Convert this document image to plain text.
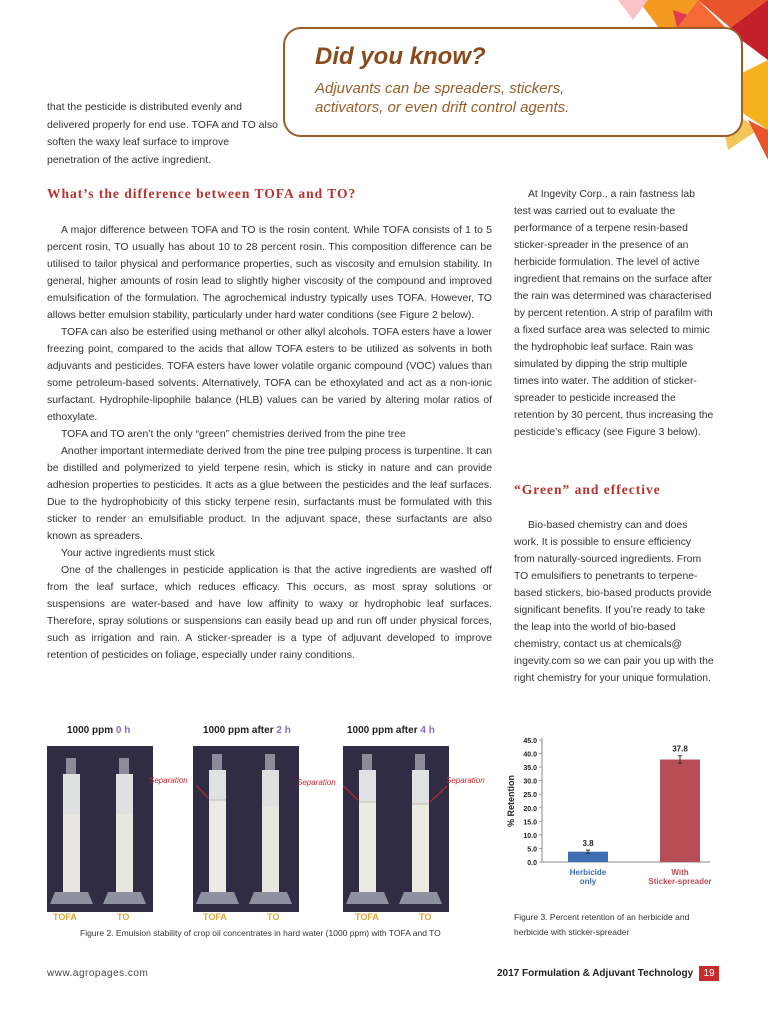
Did you know?
Adjuvants can be spreaders, stickers, activators, or even drift control agents.
that the pesticide is distributed evenly and delivered properly for end use. TOFA and TO also soften the waxy leaf surface to improve penetration of the active ingredient.
What’s the difference between TOFA and TO?

A major difference between TOFA and TO is the rosin content. While TOFA consists of 1 to 5 percent rosin, TO usually has about 10 to 28 percent rosin. This composition difference can be utilised to tailor physical and performance properties, such as viscosity and emulsion stability. In general, higher amounts of rosin lead to slightly higher viscosity of the compound and improved emulsification of the formulation. The agrochemical industry typically uses TOFA. However, TO allows better emulsion stability, particularly under hard water conditions (see Figure 2 below).

TOFA can also be esterified using methanol or other alkyl alcohols. TOFA esters have a lower freezing point, compared to the acids that allow TOFA esters to be utilized as solvents in both adjuvants and pesticides. TOFA esters have lower volatile organic compound (VOC) values than some petroleum-based solvents. Alternatively, TOFA can be ethoxylated and act as a non-ionic surfactant. Hydrophile-lipophile balance (HLB) values can be varied by altering molar ratios of ethoxylate.

TOFA and TO aren’t the only “green” chemistries derived from the pine tree

Another important intermediate derived from the pine tree pulping process is turpentine. It can be distilled and polymerized to yield terpene resin, which is sticky in nature and can provide adhesion properties to pesticides. It acts as a glue between the pesticides and the leaf surfaces. Due to the hydrophobicity of this sticky terpene resin, surfactants must be formulated with this sticker to render an emulsifiable product. In the adjuvant space, these surfactants are also known as spreaders.

Your active ingredients must stick

One of the challenges in pesticide application is that the active ingredients are washed off from the leaf surface, which reduces efficacy. This occurs, as most spray solutions or suspensions are water-based and have low affinity to waxy or hydrophobic leaf surfaces. Therefore, spray solutions or suspensions can easily bead up and run off under physical forces, such as irrigation and rain. A sticker-spreader is a type of adjuvant developed to improve retention of pesticides on foliage, especially under rainy conditions.

At Ingevity Corp., a rain fastness lab test was carried out to evaluate the performance of a terpene resin-based sticker-spreader in the presence of an herbicide formulation. The level of active ingredient that remains on the surface after the rain was determined was characterised by percent retention. A strip of parafilm with a fixed surface area was selected to mimic the hydrophobic leaf surface. Rain was simulated by dipping the strip multiple times into water. The addition of sticker-spreader to pesticide increased the retention by 30 percent, thus increasing the pesticide’s efficacy (see Figure 3 below).
“Green” and effective
Bio-based chemistry can and does work. It is possible to ensure efficiency from naturally-sourced ingredients. From TO emulsifiers to penetrants to terpene-based stickers, bio-based products provide significant benefits. If you’re ready to take the leap into the world of bio-based chemistry, contact us at chemicals@ ingevity.com so we can pair you up with the right chemistry for your unique formulation.
1000 ppm 0 h	1000 ppm after 2 h	1000 ppm after 4 h
Separation	Separation	Separation
TOFA	TO	TOFA	TO	TOFA	TO
Figure 2. Emulsion stability of crop oil concentrates in hard water (1000 ppm) with TOFA and TO
0.0
5.0
10.0
15.0
20.0
25.0
30.0
35.0
40.0
45.0
% Retention
3.8
Herbicide
only
37.8
With
Sticker-spreader
Figure 3. Percent retention of an herbicide and herbicide with sticker-spreader
www.agropages.com	2017 Formulation & Adjuvant Technology	19
